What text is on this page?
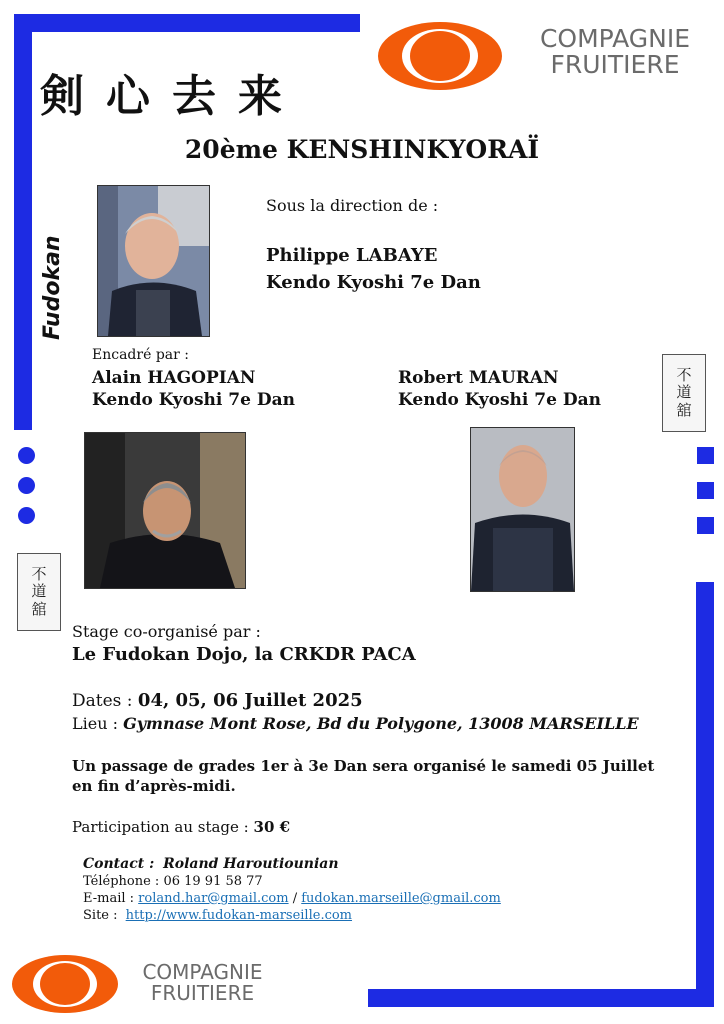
COMPAGNIE
FRUITIERE
剣心去来
20ème KENSHINKYORAÏ
Fudokan
Sous la direction de :
Philippe LABAYE
Kendo Kyoshi 7e Dan
Encadré par :
Alain HAGOPIAN
Kendo Kyoshi 7e Dan
Robert MAURAN
Kendo Kyoshi 7e Dan
不
道
舘
不
道
舘
Stage co-organisé par :
Le Fudokan Dojo, la CRKDR PACA
Dates : 04, 05, 06 Juillet 2025
Lieu : Gymnase Mont Rose, Bd du Polygone, 13008 MARSEILLE
Un passage de grades 1er à 3e Dan sera organisé le samedi 05 Juillet
en fin d’après-midi.
Participation au stage : 30 €
Contact : Roland Haroutiounian
Téléphone : 06 19 91 58 77
E-mail : roland.har@gmail.com / fudokan.marseille@gmail.com
Site : http://www.fudokan-marseille.com
COMPAGNIE
FRUITIERE
